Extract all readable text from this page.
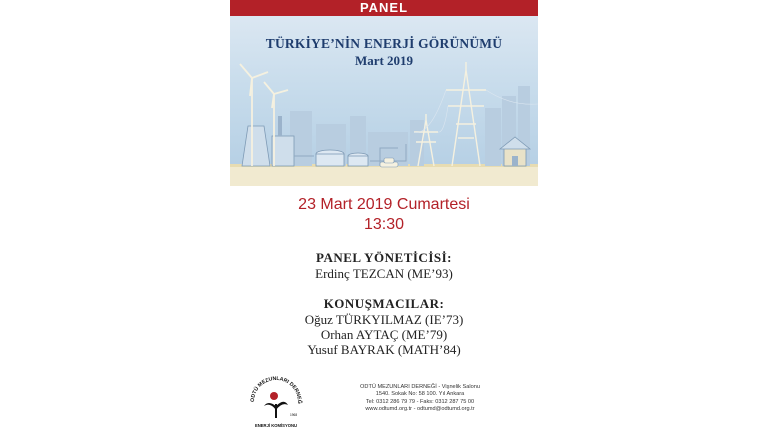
PANEL
TÜRKİYE’NİN ENERJİ GÖRÜNÜMÜ
Mart 2019
23 Mart 2019 Cumartesi
13:30
PANEL YÖNETİCİSİ:
Erdinç TEZCAN (ME’93)
KONUŞMACILAR:
Oğuz TÜRKYILMAZ (IE’73)
Orhan AYTAÇ (ME’79)
Yusuf BAYRAK (MATH’84)
ODTÜ MEZUNLARI DERNEĞ
1968
ENERJİ KOMİSYONU
ODTÜ MEZUNLARI DERNEĞİ - Vişnelik Salonu
1540. Sokak No: 58 100. Yıl Ankara
Tel: 0312 286 79 79 - Faks: 0312 287 75 00
www.odtumd.org.tr - odtumd@odtumd.org.tr
